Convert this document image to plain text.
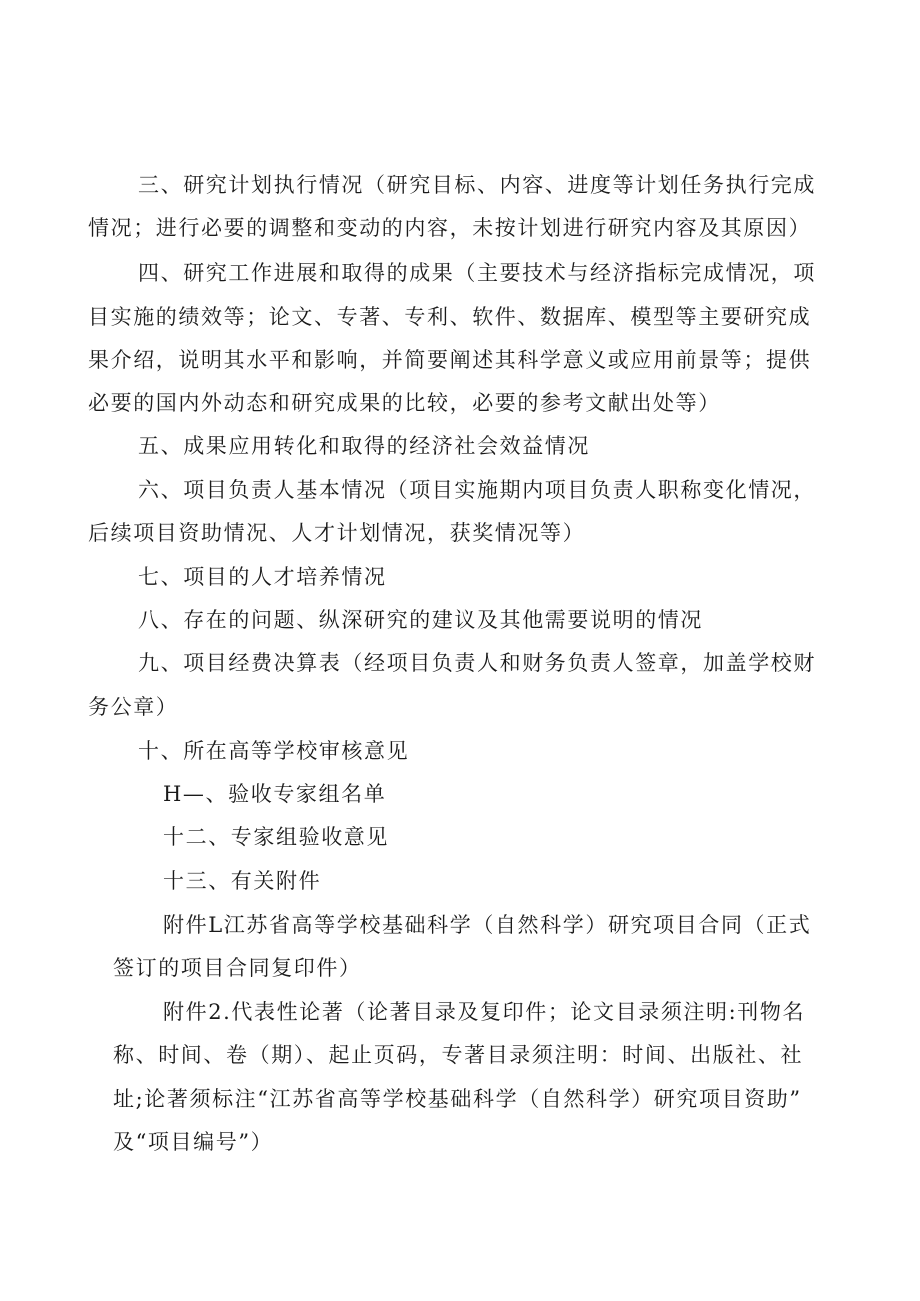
三、研究计划执行情况（研究目标、内容、进度等计划任务执行完成
情况；进行必要的调整和变动的内容，未按计划进行研究内容及其原因）

四、研究工作进展和取得的成果（主要技术与经济指标完成情况，项
目实施的绩效等；论文、专著、专利、软件、数据库、模型等主要研究成
果介绍，说明其水平和影响，并简要阐述其科学意义或应用前景等；提供
必要的国内外动态和研究成果的比较，必要的参考文献出处等）

五、成果应用转化和取得的经济社会效益情况

六、项目负责人基本情况（项目实施期内项目负责人职称变化情况，
后续项目资助情况、人才计划情况，获奖情况等）

七、项目的人才培养情况

八、存在的问题、纵深研究的建议及其他需要说明的情况

九、项目经费决算表（经项目负责人和财务负责人签章，加盖学校财
务公章）

十、所在高等学校审核意见

H—、验收专家组名单

十二、专家组验收意见

十三、有关附件

附件L江苏省高等学校基础科学（自然科学）研究项目合同（正式
签订的项目合同复印件）

附件2.代表性论著（论著目录及复印件；论文目录须注明:刊物名
称、时间、卷（期）、起止页码，专著目录须注明：时间、出版社、社
址;论著须标注“江苏省高等学校基础科学（自然科学）研究项目资助”
及“项目编号”）
